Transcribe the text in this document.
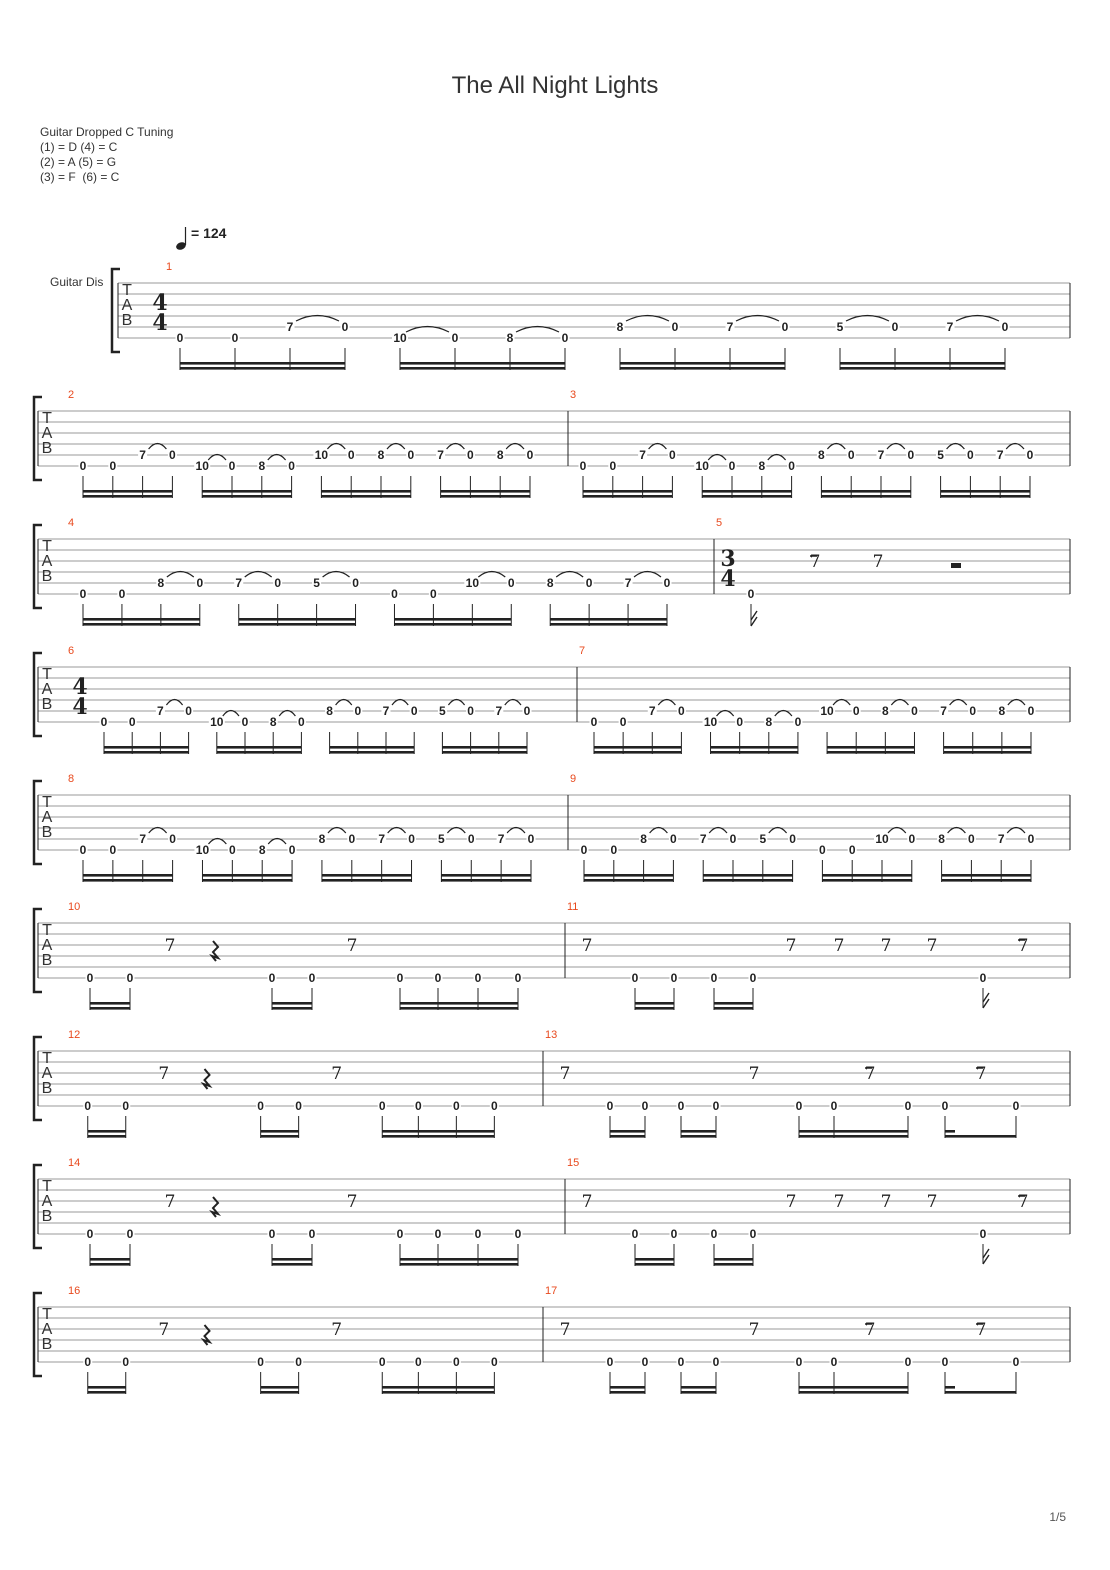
The All Night Lights
Guitar Dropped C Tuning
(1) = D (4) = C
(2) = A (5) = G
(3) = F  (6) = C
= 124
Guitar Dis T
A
B
1
4
4
0	0
7	0
10	0	8	0
8	0	7	0	5	0	7	0
T
A
B
2
0 0
7 0
10 0 8 0
10 0 8 0 7 0 8 0
3
0 0
7 0
10 0 8 0
8 0 7 0 5 0 7 0
T
A
B
4
0	0
8	0	7	0	5	0
0	0
10 0	8	0	7	0
5
3
4
0
7	7
T
A
B
6
4
4
0 0
7 0
10 0 8 0
8 0 7 0 5 0 7 0
7
0 0
7 0
10 0 8 0
10 0 8 0 7 0 8 0
T
A
B
8
0 0
7 0
10 0 8 0
8 0 7 0 5 0 7 0
9
0 0
8 0 7 0 5 0
0 0
10 0 8 0 7 0
T
A
B
10
0	0
7
0	0
7
0	0	0	0
11
7
0	0	0	0
7 7 7 7
0
7
T
A
B
12
0	0
7
0	0
7
0 0	0	0
13
7
0 0 0 0
7
0 0	0
7
0	0
7
T
A
B
14
0	0
7
0	0
7
0	0	0	0
15
7
0	0	0	0
7 7 7 7
0
7
T
A
B
16
0	0
7
0	0
7
0 0	0	0
17
7
0 0 0 0
7
0 0	0
7
0	0
7
1/5
